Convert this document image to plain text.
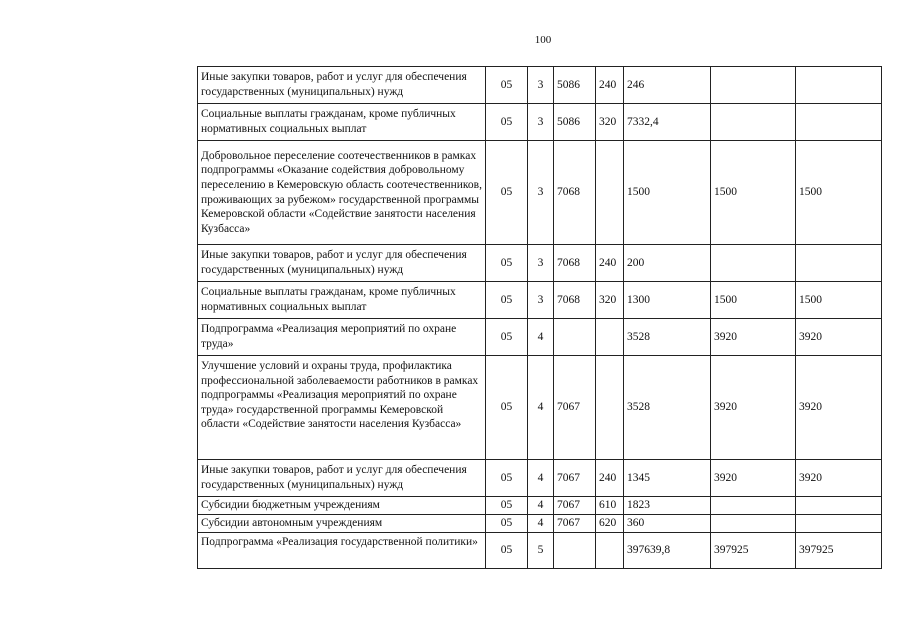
100
Иные закупки товаров, работ и услуг для обеспечения государственных (муниципальных) нужд	05	3	5086	240	246		
Социальные выплаты гражданам, кроме публичных нормативных социальных выплат	05	3	5086	320	7332,4		
Добровольное переселение соотечественников в рамках подпрограммы «Оказание содействия добровольному переселению в Кемеровскую область соотечественников, проживающих за рубежом» государственной программы Кемеровской области «Содействие занятости населения Кузбасса»	05	3	7068		1500	1500	1500
Иные закупки товаров, работ и услуг для обеспечения государственных (муниципальных) нужд	05	3	7068	240	200		
Социальные выплаты гражданам, кроме публичных нормативных социальных выплат	05	3	7068	320	1300	1500	1500
Подпрограмма «Реализация мероприятий по охране труда»	05	4			3528	3920	3920
Улучшение условий и охраны труда, профилактика профессиональной заболеваемости работников в рамках подпрограммы «Реализация мероприятий по охране труда» государственной программы Кемеровской области «Содействие занятости населения Кузбасса»	05	4	7067		3528	3920	3920
Иные закупки товаров, работ и услуг для обеспечения государственных (муниципальных) нужд	05	4	7067	240	1345	3920	3920
Субсидии бюджетным учреждениям	05	4	7067	610	1823		
Субсидии автономным учреждениям	05	4	7067	620	360		
Подпрограмма «Реализация государственной политики»	05	5			397639,8	397925	397925
